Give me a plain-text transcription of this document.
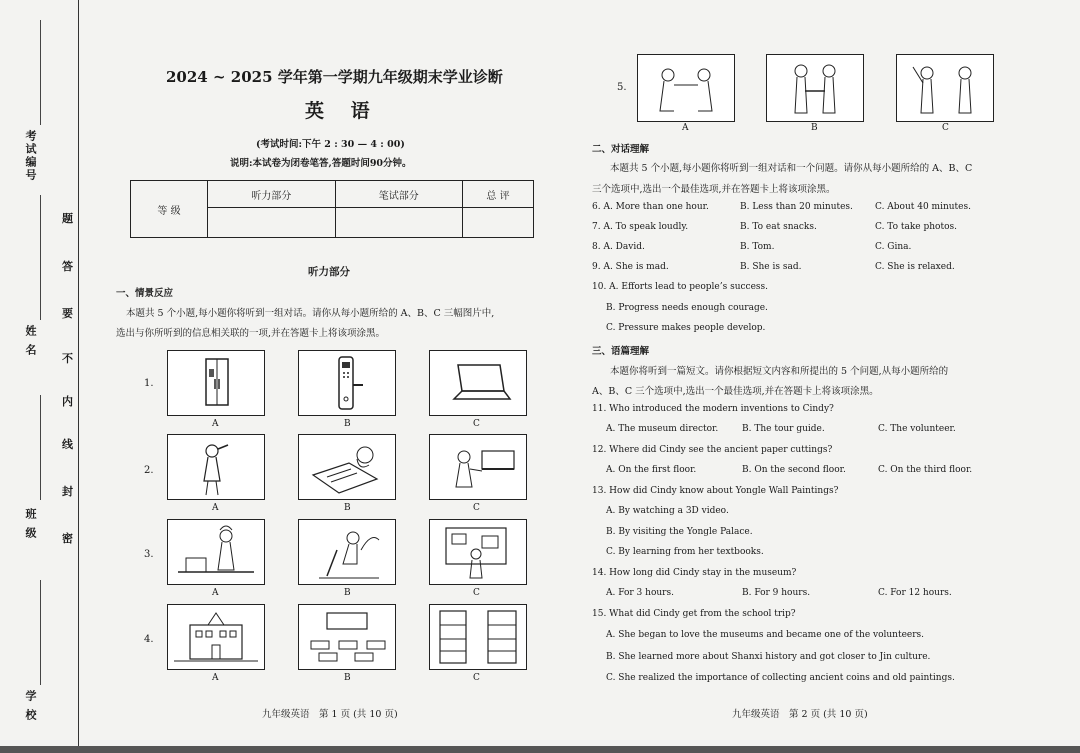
考试编号
姓 名
班 级
学 校
题
答
要
不
内
线
封
密
2024 ~ 2025 学年第一学期九年级期末学业诊断
英 语
(考试时间:下午 2 : 30 — 4 : 00)
说明:本试卷为闭卷笔答,答题时间90分钟。
等 级	听力部分	笔试部分	总 评

听力部分
一、情景反应
本题共 5 个小题,每小题你将听到一组对话。请你从每小题所给的 A、B、C 三幅图片中,
选出与你所听到的信息相关联的一项,并在答题卡上将该项涂黑。
1.
A	B	C
2.
A	B	C
3.
A	B	C
4.
A	B	C
九年级英语　第 1 页 (共 10 页)
5.
A	B	C
二、对话理解
本题共 5 个小题,每小题你将听到一组对话和一个问题。请你从每小题所给的 A、B、C
三个选项中,选出一个最佳选项,并在答题卡上将该项涂黑。
6. A. More than one hour.	B. Less than 20 minutes. C. About 40 minutes.
7. A. To speak loudly.	B. To eat snacks.	C. To take photos.
8. A. David.	B. Tom.	C. Gina.
9. A. She is mad.	B. She is sad.	C. She is relaxed.
10. A. Efforts lead to people’s success.
B. Progress needs enough courage.
C. Pressure makes people develop.
三、语篇理解
本题你将听到一篇短文。请你根据短文内容和所提出的 5 个问题,从每小题所给的
A、B、C 三个选项中,选出一个最佳选项,并在答题卡上将该项涂黑。
11. Who introduced the modern inventions to Cindy?
A. The museum director.	B. The tour guide.	C. The volunteer.
12. Where did Cindy see the ancient paper cuttings?
A. On the first floor.	B. On the second floor.	C. On the third floor.
13. How did Cindy know about Yongle Wall Paintings?
A. By watching a 3D video.
B. By visiting the Yongle Palace.
C. By learning from her textbooks.
14. How long did Cindy stay in the museum?
A. For 3 hours.	B. For 9 hours.	C. For 12 hours.
15. What did Cindy get from the school trip?
A. She began to love the museums and became one of the volunteers.
B. She learned more about Shanxi history and got closer to Jin culture.
C. She realized the importance of collecting ancient coins and old paintings.
九年级英语　第 2 页 (共 10 页)
